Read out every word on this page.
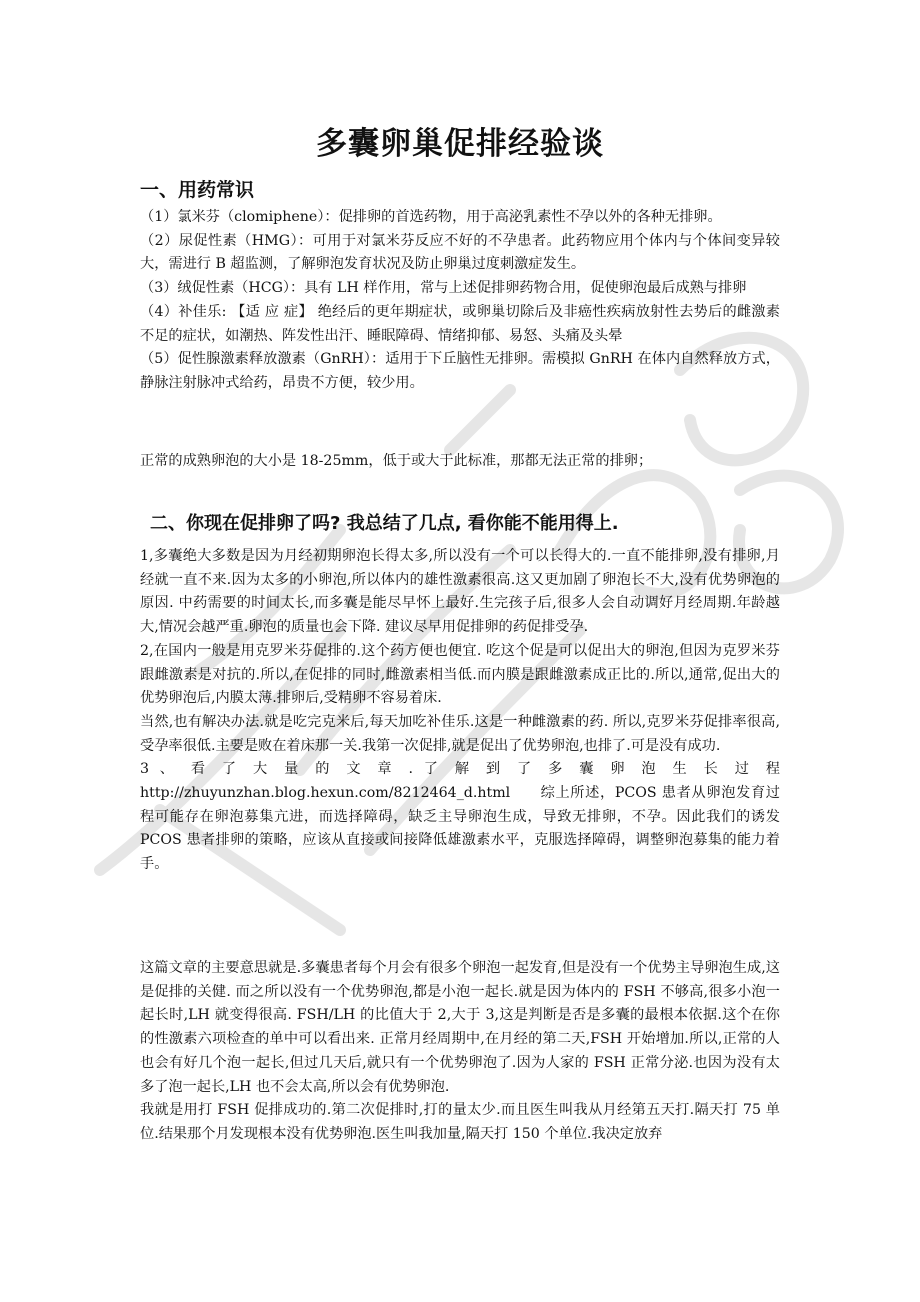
多囊卵巢促排经验谈
一、用药常识

（1）氯米芬（clomiphene）：促排卵的首选药物，用于高泌乳素性不孕以外的各种无排卵。

（2）尿促性素（HMG）：可用于对氯米芬反应不好的不孕患者。此药物应用个体内与个体间变异较大，需进行 B 超监测，了解卵泡发育状况及防止卵巢过度刺激症发生。

（3）绒促性素（HCG）：具有 LH 样作用，常与上述促排卵药物合用，促使卵泡最后成熟与排卵

（4）补佳乐: 【适 应 症】 绝经后的更年期症状，或卵巢切除后及非癌性疾病放射性去势后的雌激素不足的症状，如潮热、阵发性出汗、睡眠障碍、情绪抑郁、易怒、头痛及头晕

（5）促性腺激素释放激素（GnRH）：适用于下丘脑性无排卵。需模拟 GnRH 在体内自然释放方式，静脉注射脉冲式给药，昂贵不方便，较少用。

正常的成熟卵泡的大小是 18-25mm，低于或大于此标准，那都无法正常的排卵；

二、你现在促排卵了吗? 我总结了几点, 看你能不能用得上.

1,多囊绝大多数是因为月经初期卵泡长得太多,所以没有一个可以长得大的.一直不能排卵,没有排卵,月经就一直不来.因为太多的小卵泡,所以体内的雄性激素很高.这又更加剧了卵泡长不大,没有优势卵泡的原因. 中药需要的时间太长,而多囊是能尽早怀上最好.生完孩子后,很多人会自动调好月经周期.年龄越大,情况会越严重.卵泡的质量也会下降. 建议尽早用促排卵的药促排受孕.

2,在国内一般是用克罗米芬促排的.这个药方便也便宜. 吃这个促是可以促出大的卵泡,但因为克罗米芬跟雌激素是对抗的.所以,在促排的同时,雌激素相当低.而内膜是跟雌激素成正比的.所以,通常,促出大的优势卵泡后,内膜太薄.排卵后,受精卵不容易着床.

当然,也有解决办法.就是吃完克米后,每天加吃补佳乐.这是一种雌激素的药. 所以,克罗米芬促排率很高,受孕率很低.主要是败在着床那一关.我第一次促排,就是促出了优势卵泡,也排了.可是没有成功.

3 、 看 了 大 量 的 文 章 . 了 解 到 了 多 囊 卵 泡 生 长 过 程

http://zhuyunzhan.blog.hexun.com/8212464_d.html　　综上所述，PCOS 患者从卵泡发育过程可能存在卵泡募集亢进，而选择障碍，缺乏主导卵泡生成，导致无排卵，不孕。因此我们的诱发 PCOS 患者排卵的策略，应该从直接或间接降低雄激素水平，克服选择障碍，调整卵泡募集的能力着手。

这篇文章的主要意思就是.多囊患者每个月会有很多个卵泡一起发育,但是没有一个优势主导卵泡生成,这是促排的关健. 而之所以没有一个优势卵泡,都是小泡一起长.就是因为体内的 FSH 不够高,很多小泡一起长时,LH 就变得很高. FSH/LH 的比值大于 2,大于 3,这是判断是否是多囊的最根本依据.这个在你的性激素六项检查的单中可以看出来. 正常月经周期中,在月经的第二天,FSH 开始增加.所以,正常的人也会有好几个泡一起长,但过几天后,就只有一个优势卵泡了.因为人家的 FSH 正常分泌.也因为没有太多了泡一起长,LH 也不会太高,所以会有优势卵泡.

我就是用打 FSH 促排成功的.第二次促排时,打的量太少.而且医生叫我从月经第五天打.隔天打 75 单位.结果那个月发现根本没有优势卵泡.医生叫我加量,隔天打 150 个单位.我决定放弃
